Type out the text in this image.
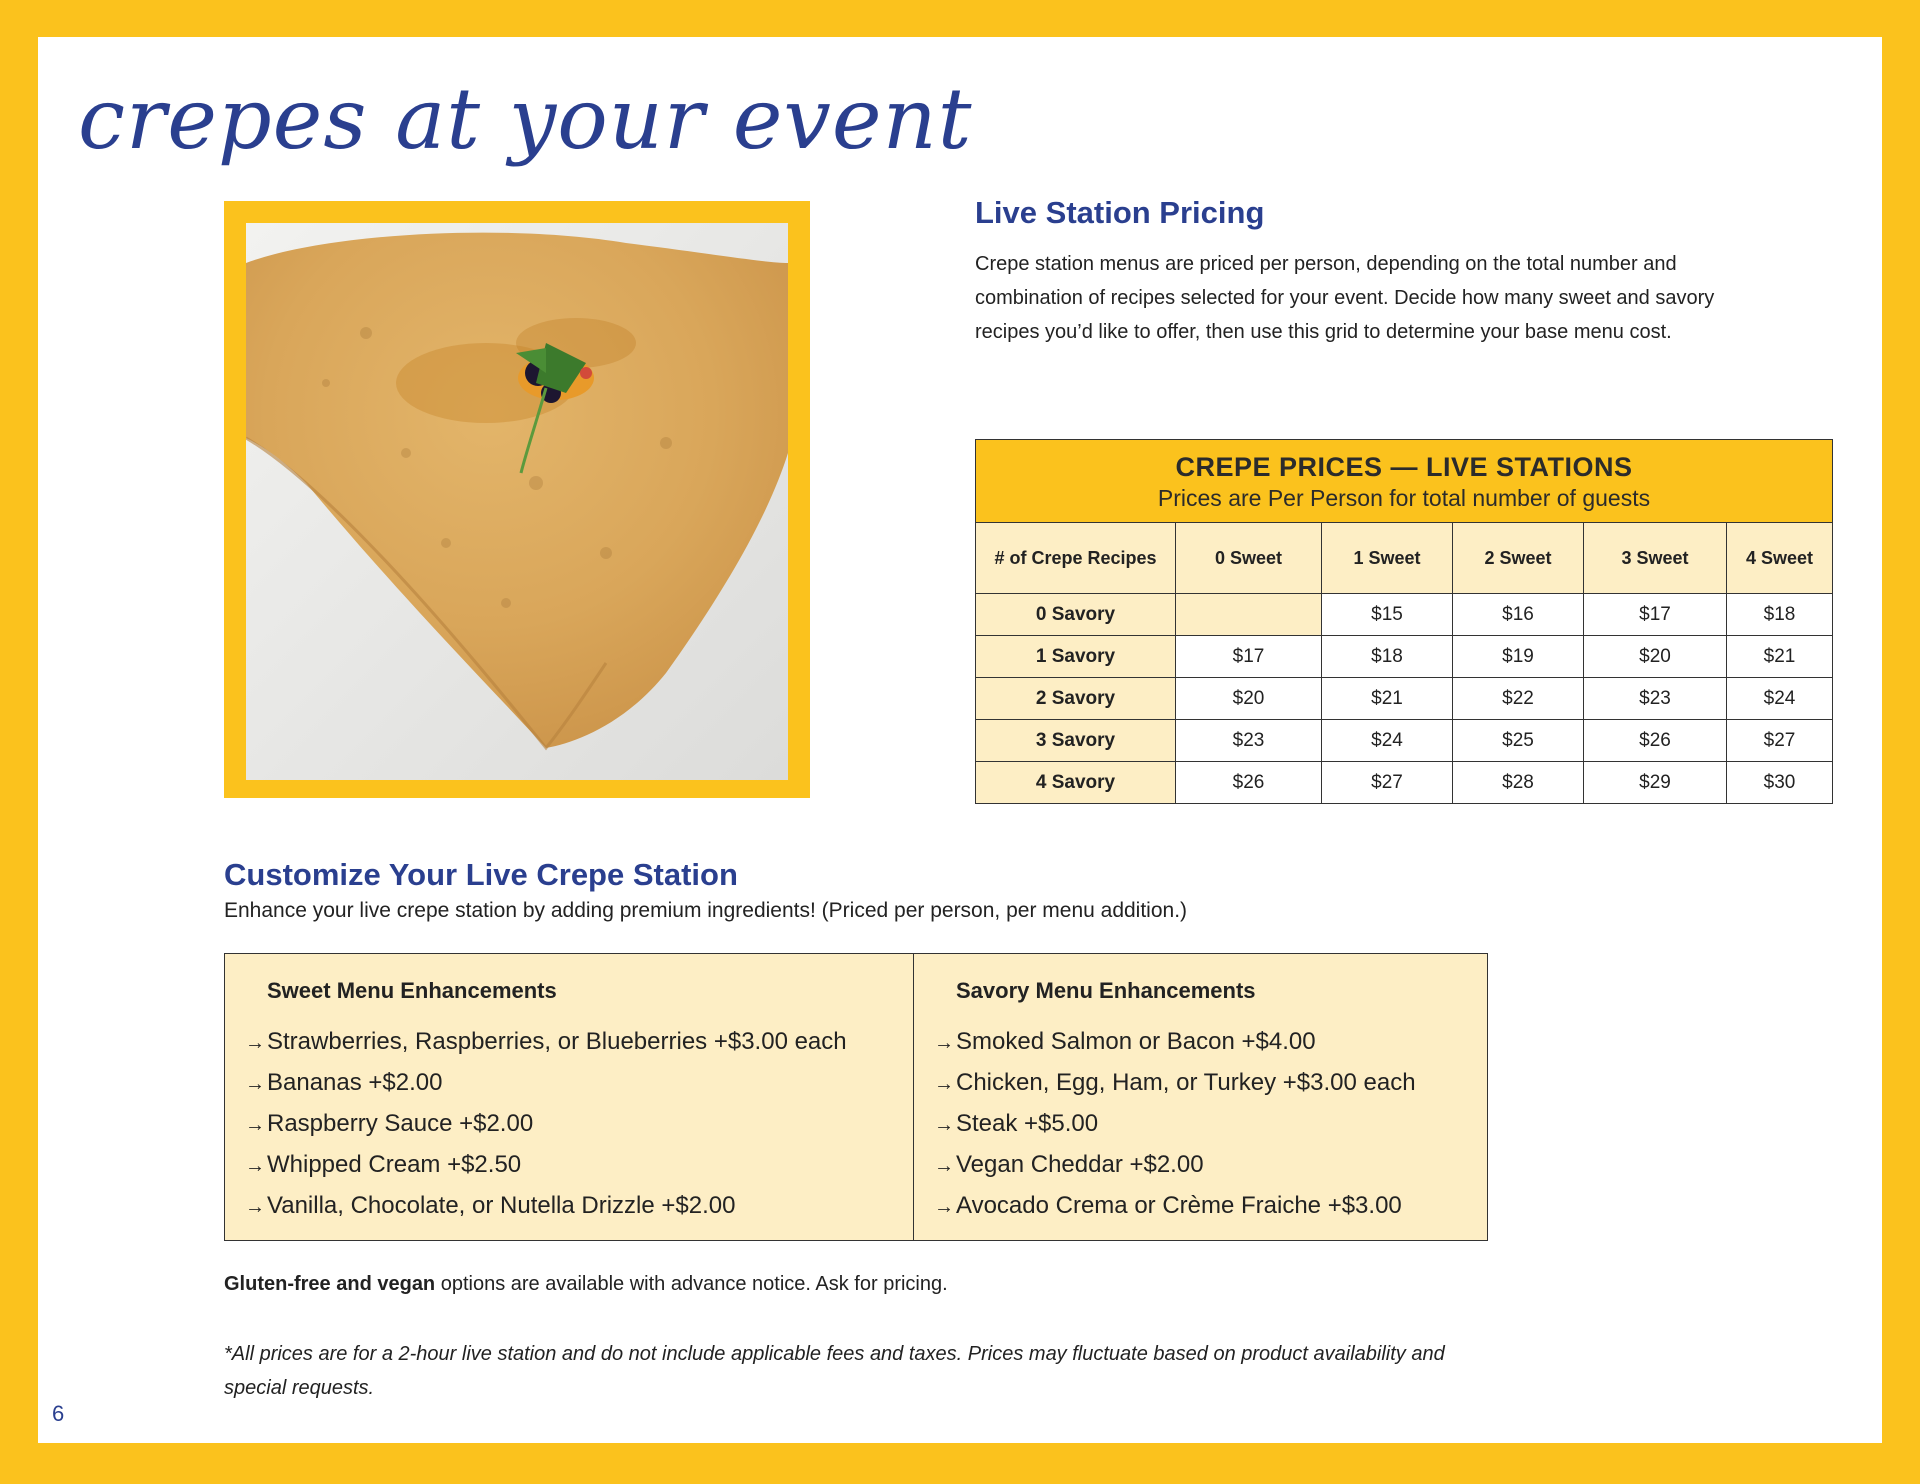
crepes at your event
Live Station Pricing

Crepe station menus are priced per person, depending on the total number and combination of recipes selected for your event. Decide how many sweet and savory recipes you’d like to offer, then use this grid to determine your base menu cost.

CREPE PRICES — LIVE STATIONS
Prices are Per Person for total number of guests
# of Crepe Recipes	0 Sweet	1 Sweet	2 Sweet	3 Sweet	4 Sweet
0 Savory		$15	$16	$17	$18
1 Savory	$17	$18	$19	$20	$21
2 Savory	$20	$21	$22	$23	$24
3 Savory	$23	$24	$25	$26	$27
4 Savory	$26	$27	$28	$29	$30
Customize Your Live Crepe Station

Enhance your live crepe station by adding premium ingredients! (Priced per person, per menu addition.)

Sweet Menu Enhancements
→Strawberries, Raspberries, or Blueberries +$3.00 each
→Bananas +$2.00
→Raspberry Sauce +$2.00
→Whipped Cream +$2.50
→Vanilla, Chocolate, or Nutella Drizzle +$2.00
Savory Menu Enhancements
→Smoked Salmon or Bacon +$4.00
→Chicken, Egg, Ham, or Turkey +$3.00 each
→Steak +$5.00
→Vegan Cheddar +$2.00
→Avocado Crema or Crème Fraiche +$3.00

Gluten-free and vegan options are available with advance notice. Ask for pricing.

*All prices are for a 2-hour live station and do not include applicable fees and taxes. Prices may fluctuate based on product availability and special requests.

6
